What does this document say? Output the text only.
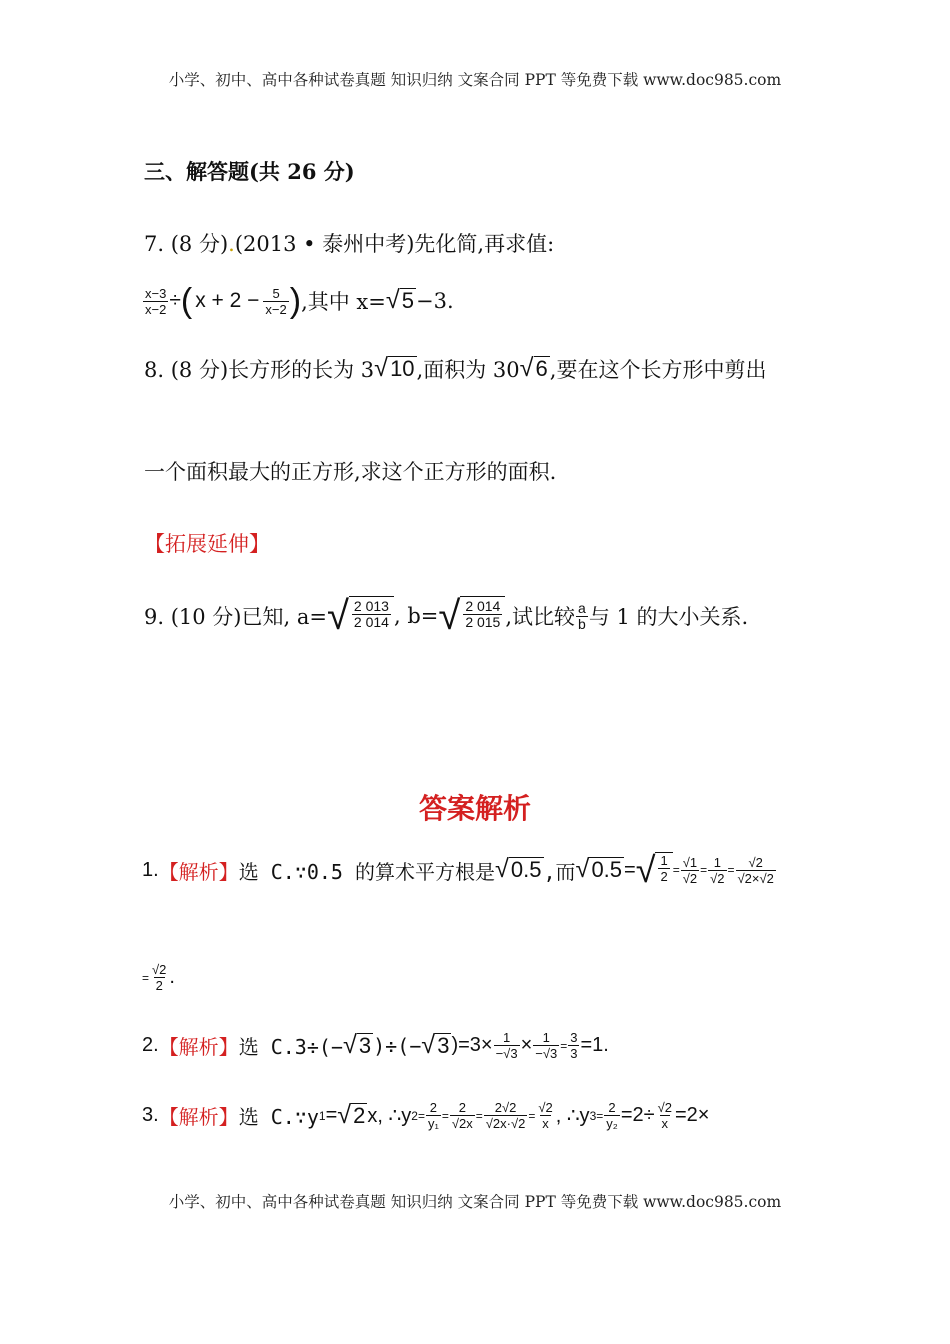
小学、初中、高中各种试卷真题 知识归纳 文案合同 PPT 等免费下载 www.doc985.com
三、解答题(共 26 分)
7. (8 分).(2013 • 泰州中考)先化简,再求值:
$\frac{x-3}{x-2}$ ÷ ( $x + 2 - \frac{5}{x-2}$ ) ,其中 x= √ 5 −3.
8. (8 分)长方形的长为 3 √ 10 ,面积为 30 √ 6 ,要在这个长方形中剪出
一个面积最大的正方形,求这个正方形的面积.
【拓展延伸】
9. (10 分)已知, a= √ $\frac{2 013}{2 014}$ , b= √ $\frac{2 014}{2 015}$ ,试比较 $\frac{a}{b}$ 与 1 的大小关系.
答案解析
1. 【解析】 选 C.∵0.5 的算术平方根是 √ 0.5 ,而 √ 0.5 = √ $\frac{1}{2} = \frac{√1}{√2} = \frac{1}{√2} = \frac{√2}{√2\times√2}$
= $\frac{√2}{2}$ .
2. 【解析】 选 C.3÷(− √ 3 )÷(− √ 3 )$=3\times \frac{1}{-√3} \times \frac{1}{-√3} = \frac{3}{3} =1$.
3. 【解析】 选 C.∵y 1 = √ 2 x, ∴y $2 = \frac{2}{\text{y₁}} = \frac{2}{√2x} = \frac{2√2}{√2x\cdot√2} = \frac{√2}{x}$ , ∴y $3 = \frac{2}{\text{y₂}} =2\div \frac{√2}{x} =2\times$
小学、初中、高中各种试卷真题 知识归纳 文案合同 PPT 等免费下载 www.doc985.com
